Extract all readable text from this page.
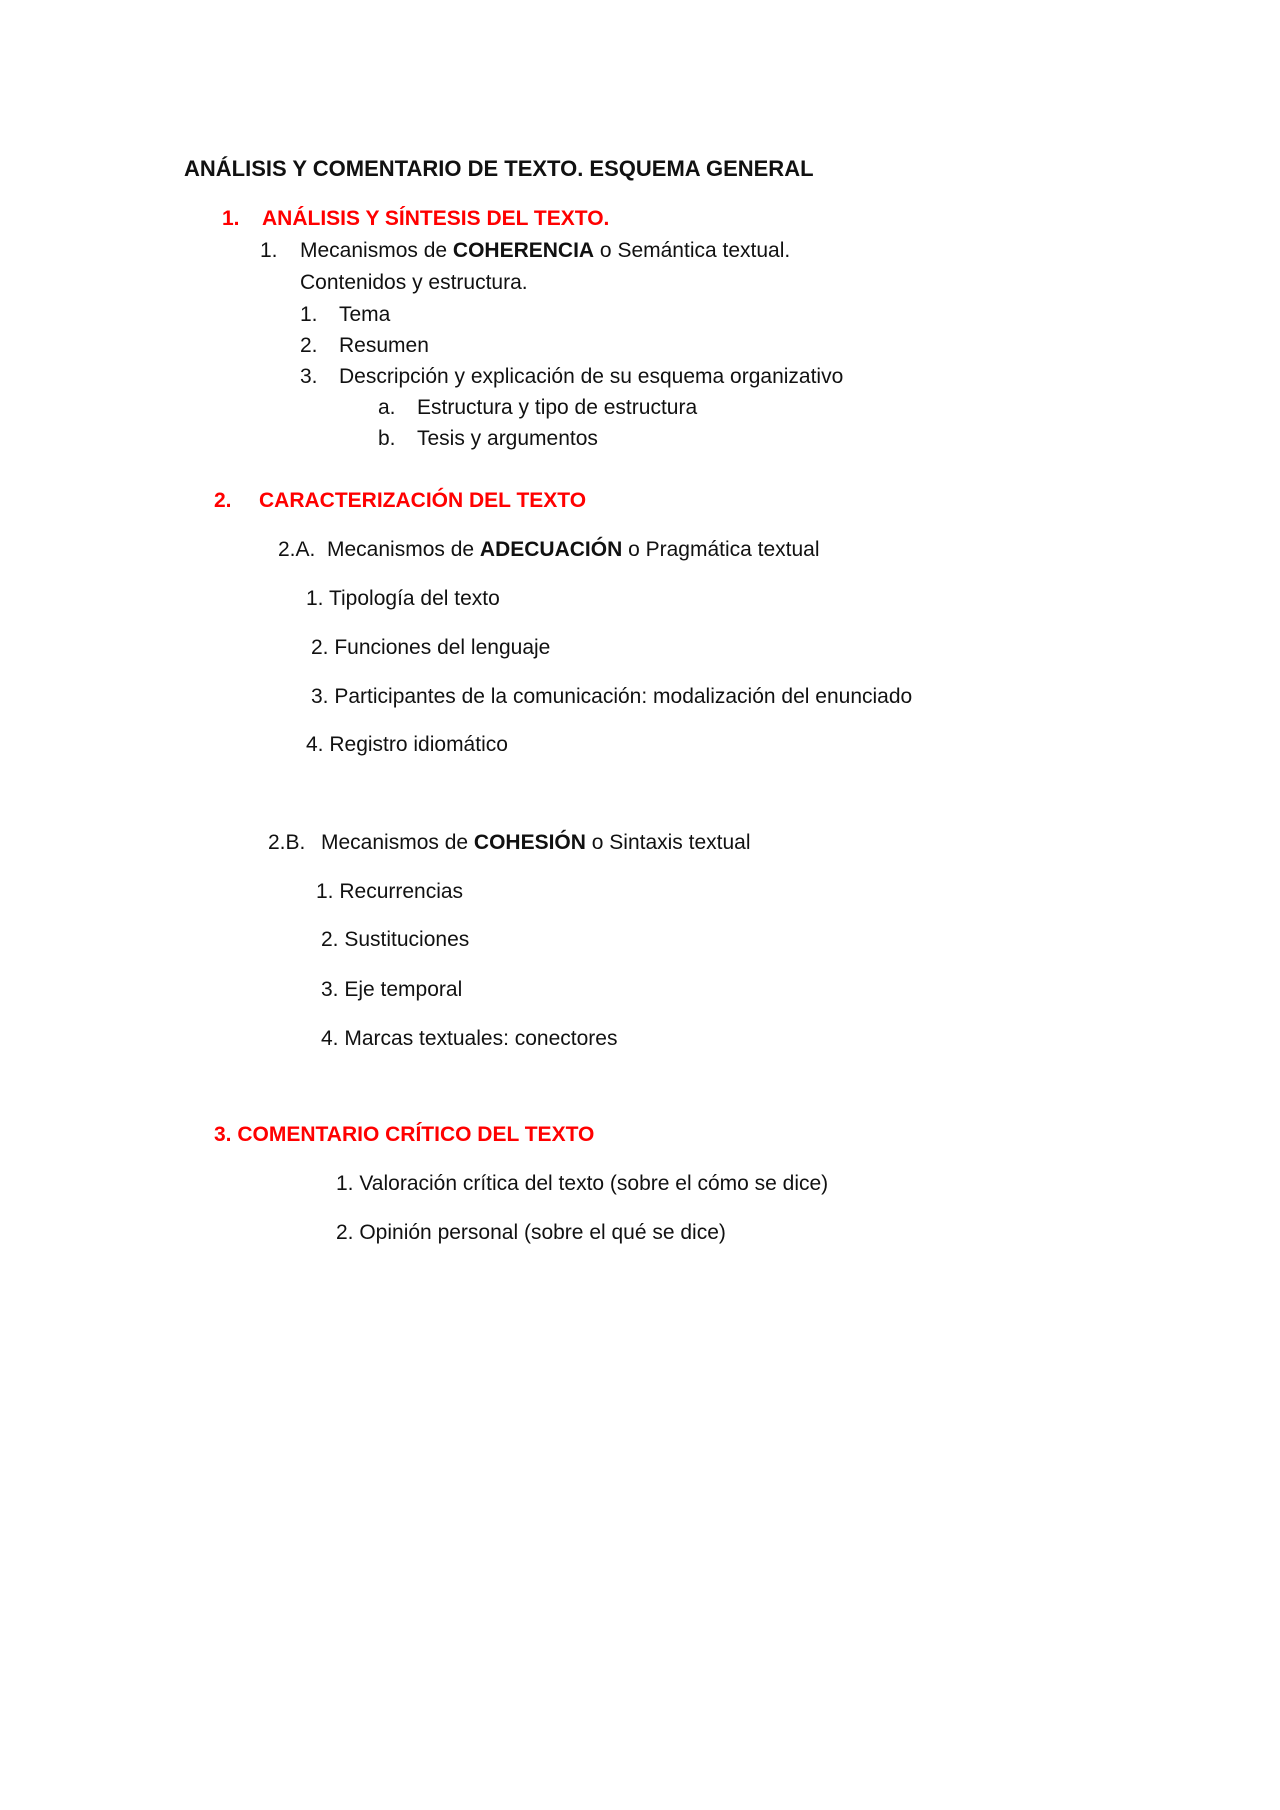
ANÁLISIS Y COMENTARIO DE TEXTO. ESQUEMA GENERAL
1. ANÁLISIS Y SÍNTESIS DEL TEXTO.
1. Mecanismos de COHERENCIA o Semántica textual.
Contenidos y estructura.
1. Tema
2. Resumen
3. Descripción y explicación de su esquema organizativo
a. Estructura y tipo de estructura
b. Tesis y argumentos
2. CARACTERIZACIÓN DEL TEXTO
2.A. Mecanismos de ADECUACIÓN o Pragmática textual
1. Tipología del texto
2. Funciones del lenguaje
3. Participantes de la comunicación: modalización del enunciado
4. Registro idiomático
2.B. Mecanismos de COHESIÓN o Sintaxis textual
1. Recurrencias
2. Sustituciones
3. Eje temporal
4. Marcas textuales: conectores
3. COMENTARIO CRÍTICO DEL TEXTO
1. Valoración crítica del texto (sobre el cómo se dice)
2. Opinión personal (sobre el qué se dice)
